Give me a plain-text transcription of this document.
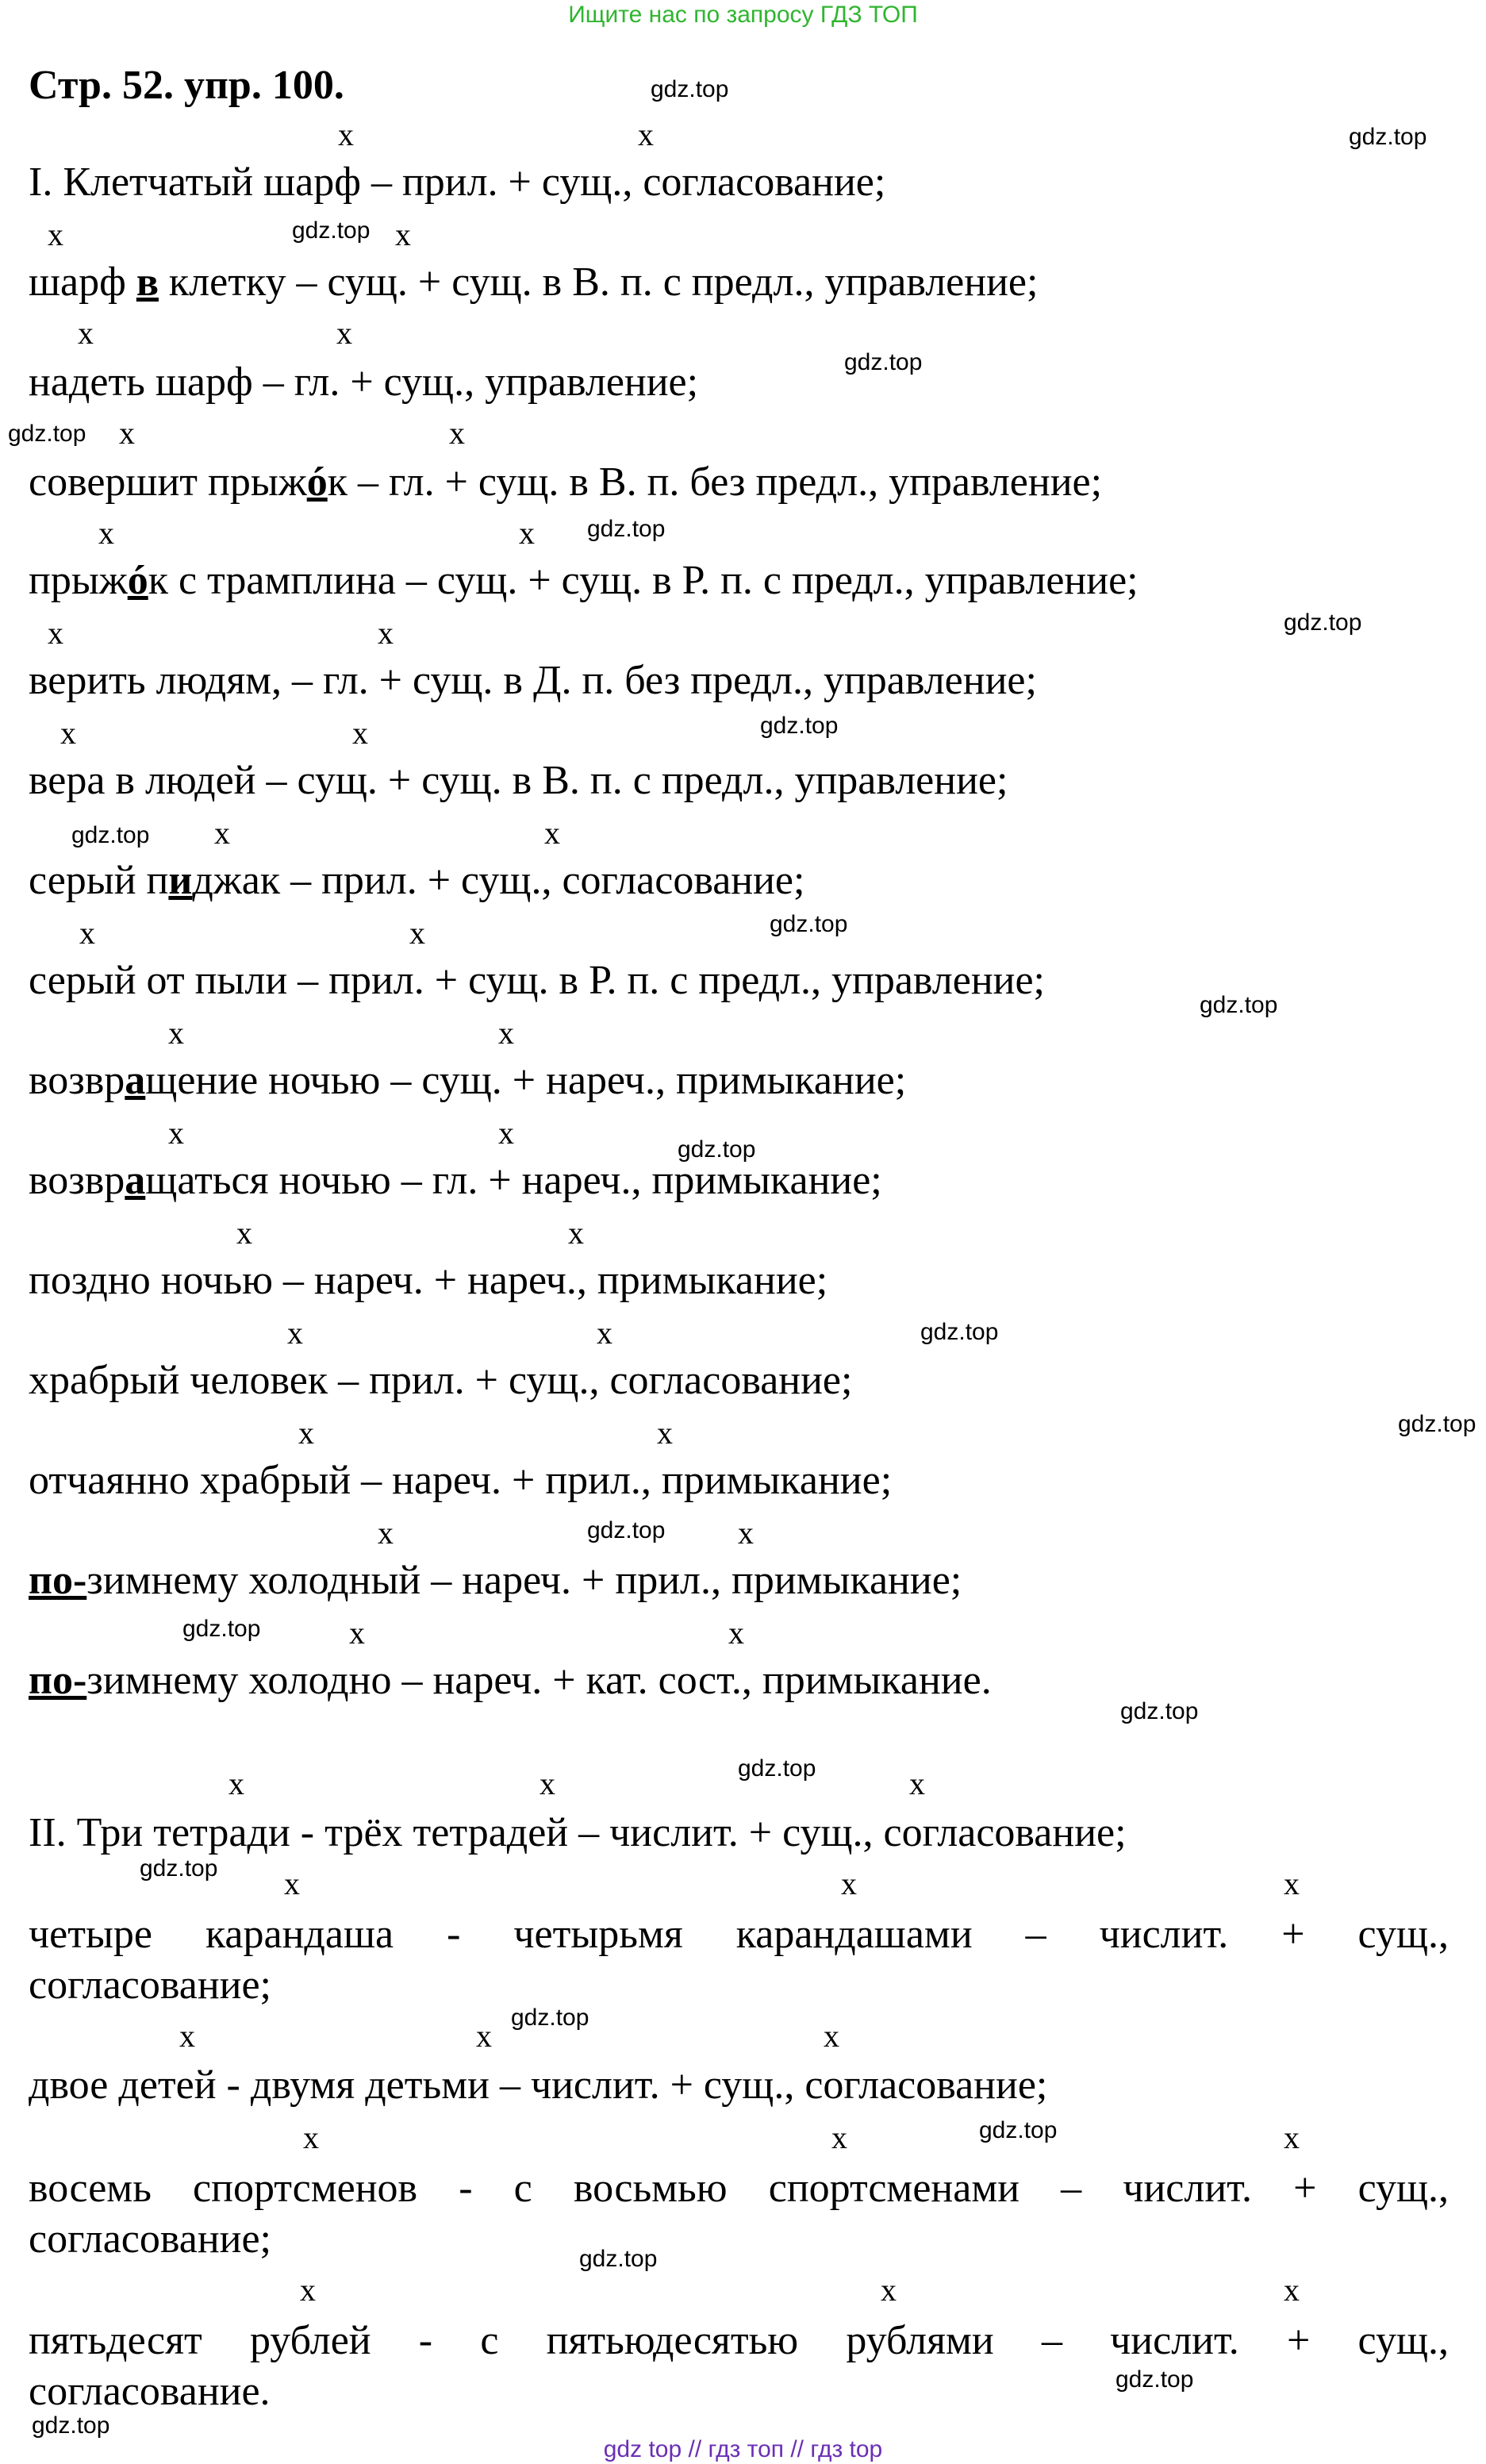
Ищите нас по запросу ГДЗ ТОП
Стр. 52. упр. 100.
I. Клетчатый шарф – прил. + сущ., согласование;
шарф в клетку – сущ. + сущ. в В. п. с предл., управление;
надеть шарф – гл. + сущ., управление;
совершит прыжóк – гл. + сущ. в В. п. без предл., управление;
прыжóк с трамплина – сущ. + сущ. в Р. п. с предл., управление;
верить людям, – гл. + сущ. в Д. п. без предл., управление;
вера в людей – сущ. + сущ. в В. п. с предл., управление;
серый пиджак – прил. + сущ., согласование;
серый от пыли – прил. + сущ. в Р. п. с предл., управление;
возвращение ночью – сущ. + нареч., примыкание;
возвращаться ночью – гл. + нареч., примыкание;
поздно ночью – нареч. + нареч., примыкание;
храбрый человек – прил. + сущ., согласование;
отчаянно храбрый – нареч. + прил., примыкание;
по-зимнему холодный – нареч. + прил., примыкание;
по-зимнему холодно – нареч. + кат. сост., примыкание.
II. Три тетради - трёх тетрадей – числит. + сущ., согласование;
четыре карандаша - четырьмя карандашами – числит. + сущ.,
согласование;
двое детей - двумя детьми – числит. + сущ., согласование;
восемь спортсменов - с восьмью спортсменами – числит. + сущ.,
согласование;
пятьдесят рублей - с пятьюдесятью рублями – числит. + сущ.,
согласование.
x	x
x	x
x	x
x	x
x	x
x	x
x	x
x	x
x	x
x	x
x	x
x	x
x	x
x	x
x	x
x	x
x	x	x
x	x	x
x	x	x
x	x	x
x	x	x
gdz.top
gdz.top
gdz.top
gdz.top
gdz.top
gdz.top
gdz.top
gdz.top
gdz.top
gdz.top
gdz.top
gdz.top
gdz.top
gdz.top
gdz.top
gdz.top
gdz.top
gdz.top
gdz.top
gdz.top
gdz.top
gdz.top
gdz.top
gdz.top
gdz top // гдз топ // гдз top
